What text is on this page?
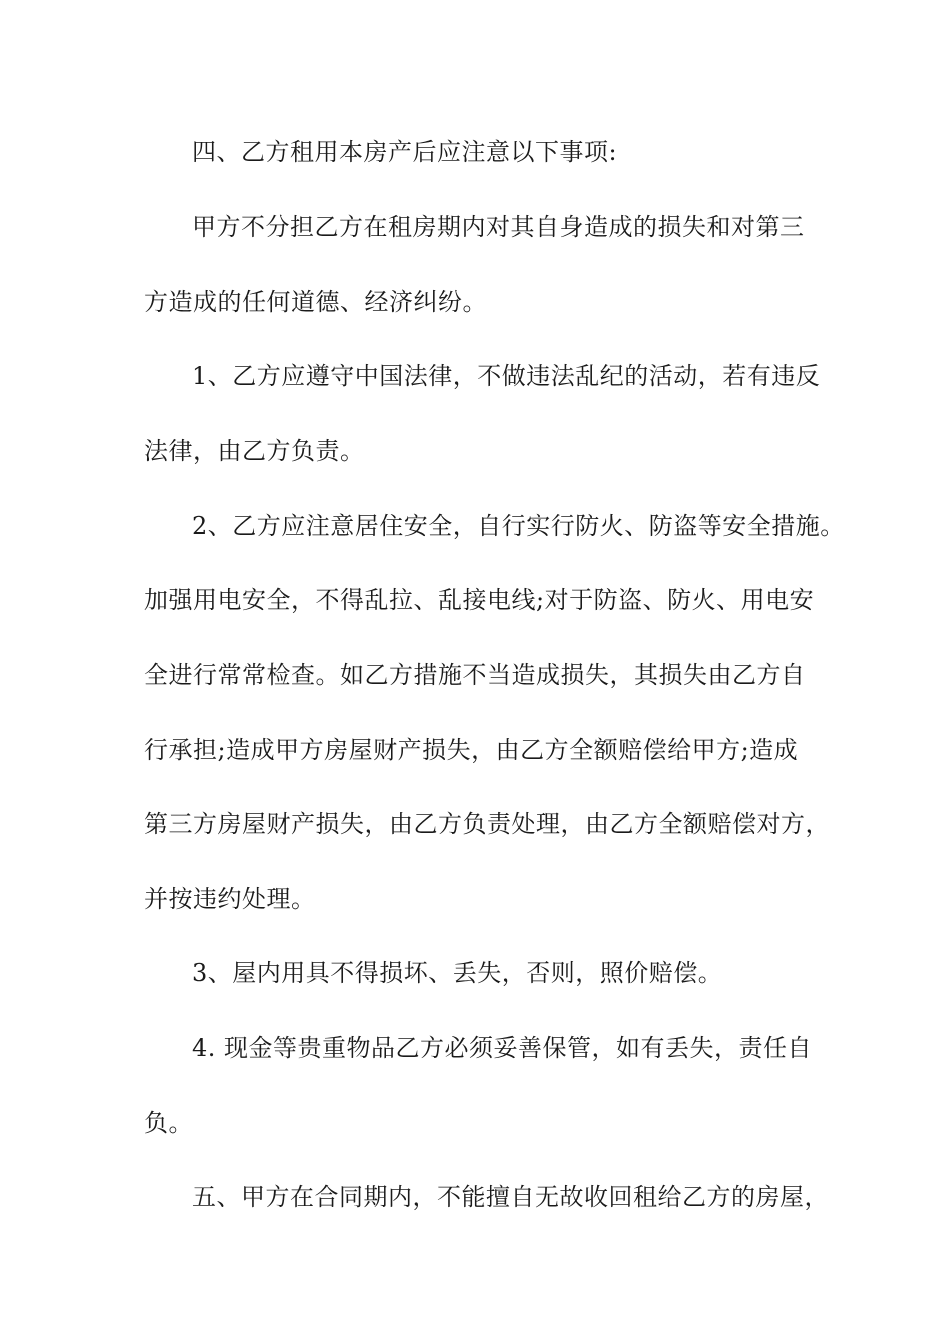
四、乙方租用本房产后应注意以下事项:
甲方不分担乙方在租房期内对其自身造成的损失和对第三
方造成的任何道德、经济纠纷。
1、乙方应遵守中国法律，不做违法乱纪的活动，若有违反
法律，由乙方负责。
2、乙方应注意居住安全，自行实行防火、防盗等安全措施。
加强用电安全，不得乱拉、乱接电线;对于防盗、防火、用电安
全进行常常检查。如乙方措施不当造成损失，其损失由乙方自
行承担;造成甲方房屋财产损失，由乙方全额赔偿给甲方;造成
第三方房屋财产损失，由乙方负责处理，由乙方全额赔偿对方，
并按违约处理。
3、屋内用具不得损坏、丢失，否则，照价赔偿。
4. 现金等贵重物品乙方必须妥善保管，如有丢失，责任自
负。
五、甲方在合同期内，不能擅自无故收回租给乙方的房屋，
